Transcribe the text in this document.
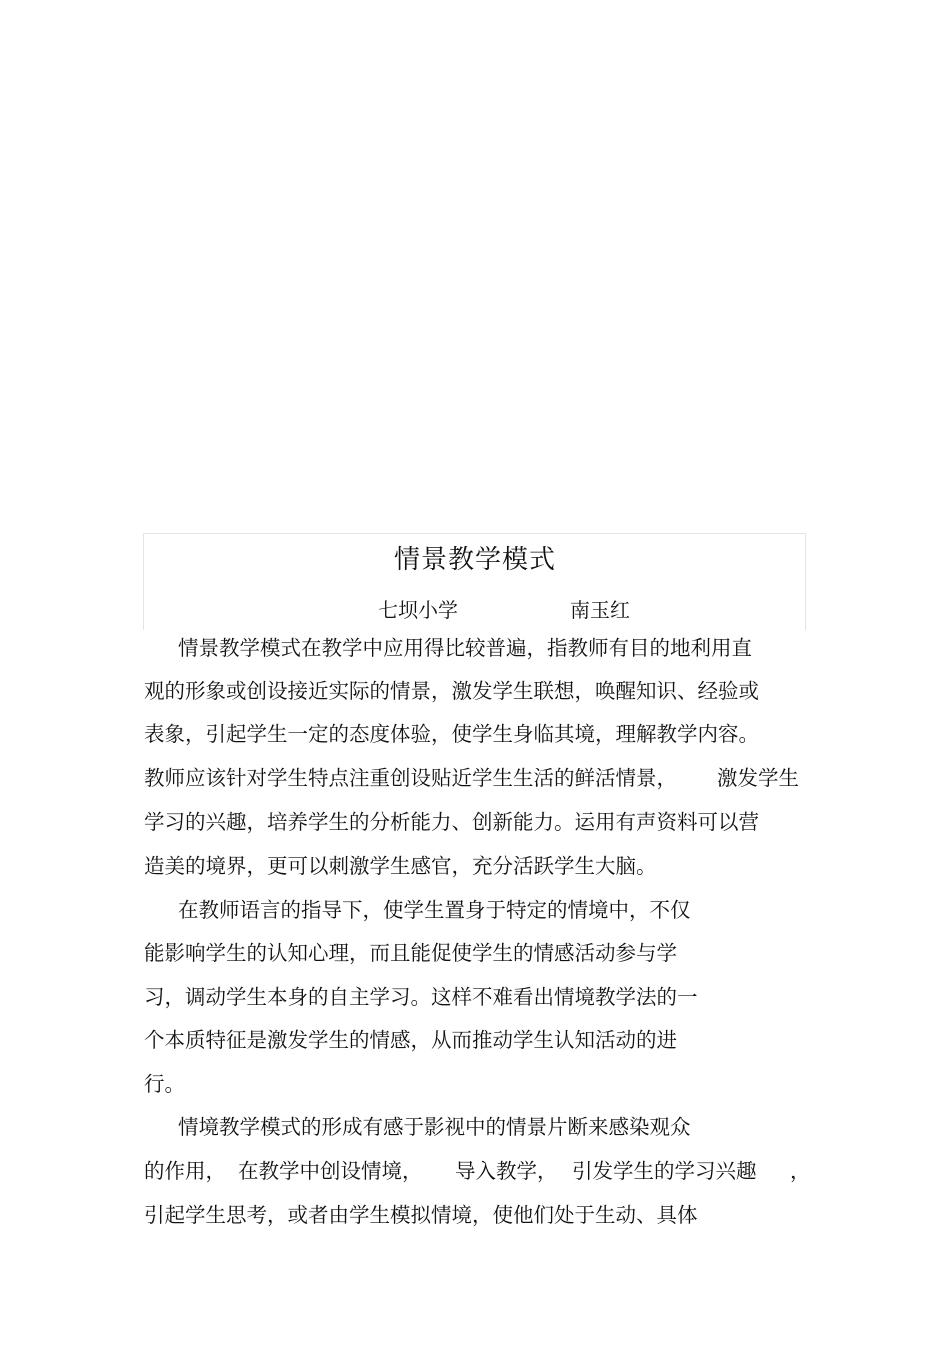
情景教学模式
七坝小学	南玉红
情景教学模式在教学中应用得比较普遍，指教师有目的地利用直
观的形象或创设接近实际的情景，激发学生联想，唤醒知识、经验或
表象，引起学生一定的态度体验，使学生身临其境，理解教学内容。
教师应该针对学生特点注重创设贴近学生生活的鲜活情景， 激发学生
学习的兴趣，培养学生的分析能力、创新能力。运用有声资料可以营
造美的境界，更可以刺激学生感官，充分活跃学生大脑。
在教师语言的指导下，使学生置身于特定的情境中，不仅
能影响学生的认知心理，而且能促使学生的情感活动参与学
习，调动学生本身的自主学习。这样不难看出情境教学法的一
个本质特征是激发学生的情感，从而推动学生认知活动的进
行。
情境教学模式的形成有感于影视中的情景片断来感染观众
的作用， 在教学中创设情境， 导入教学， 引发学生的学习兴趣 ，
引起学生思考，或者由学生模拟情境，使他们处于生动、具体
